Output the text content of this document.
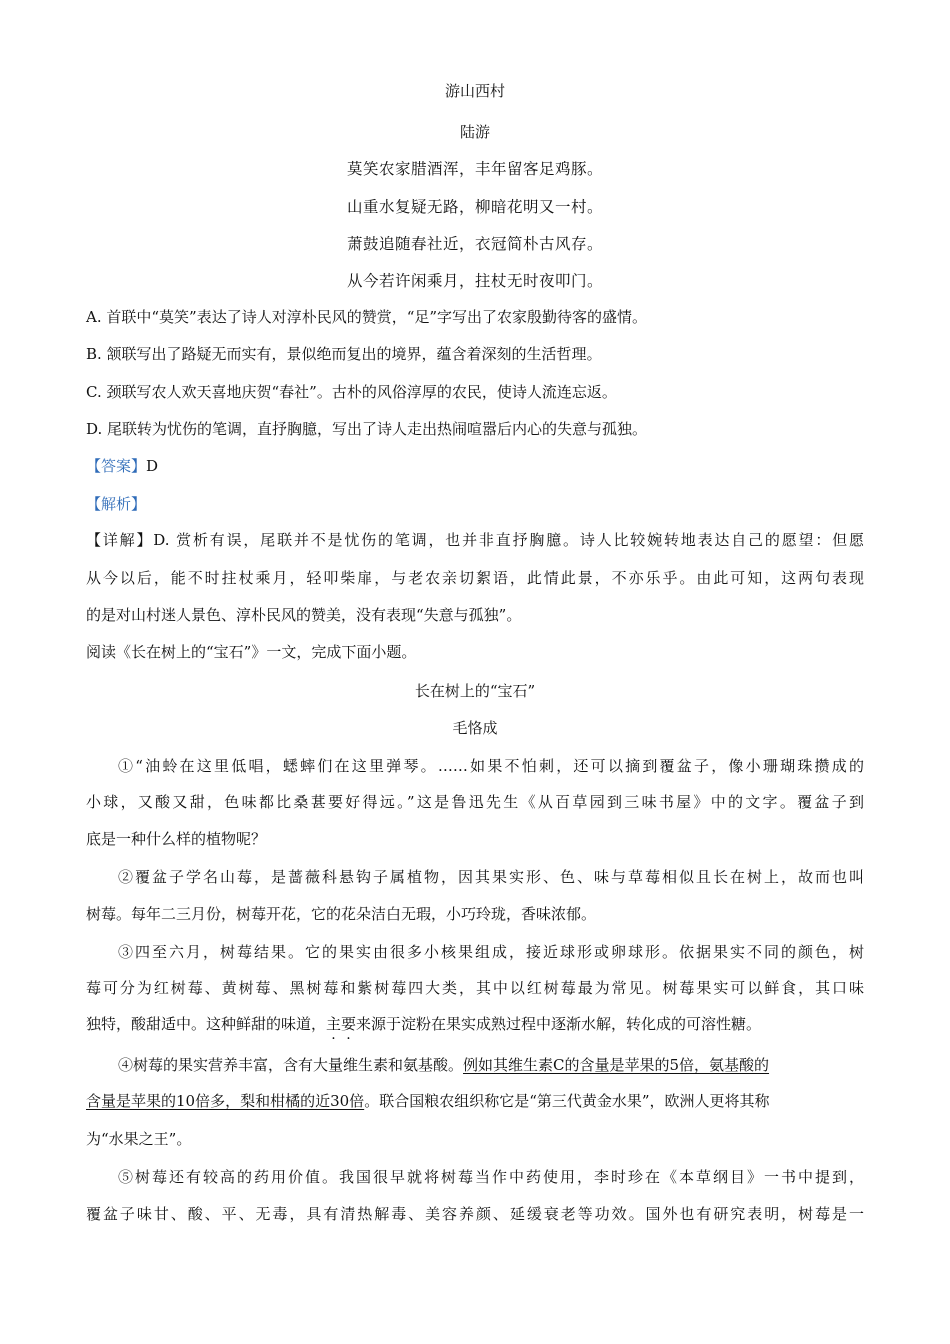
游山西村
陆游
莫笑农家腊酒浑，丰年留客足鸡豚。
山重水复疑无路，柳暗花明又一村。
萧鼓追随春社近，衣冠简朴古风存。
从今若许闲乘月，拄杖无时夜叩门。
A. 首联中“莫笑”表达了诗人对淳朴民风的赞赏，“足”字写出了农家殷勤待客的盛情。
B. 颔联写出了路疑无而实有，景似绝而复出的境界，蕴含着深刻的生活哲理。
C. 颈联写农人欢天喜地庆贺“春社”。古朴的风俗淳厚的农民，使诗人流连忘返。
D. 尾联转为忧伤的笔调，直抒胸臆，写出了诗人走出热闹喧嚣后内心的失意与孤独。
【答案】D
【解析】
【详解】D. 赏析有误，尾联并不是忧伤的笔调，也并非直抒胸臆。诗人比较婉转地表达自己的愿望：但愿
从今以后，能不时拄杖乘月，轻叩柴扉，与老农亲切絮语，此情此景，不亦乐乎。由此可知，这两句表现
的是对山村迷人景色、淳朴民风的赞美，没有表现“失意与孤独”。
阅读《长在树上的“宝石”》一文，完成下面小题。
长在树上的“宝石”
毛恪成
①“油蛉在这里低唱，蟋蟀们在这里弹琴。……如果不怕刺，还可以摘到覆盆子，像小珊瑚珠攒成的
小球，又酸又甜，色味都比桑葚要好得远。”这是鲁迅先生《从百草园到三味书屋》中的文字。覆盆子到
底是一种什么样的植物呢？
②覆盆子学名山莓，是蔷薇科悬钩子属植物，因其果实形、色、味与草莓相似且长在树上，故而也叫
树莓。每年二三月份，树莓开花，它的花朵洁白无瑕，小巧玲珑，香味浓郁。
③四至六月，树莓结果。它的果实由很多小核果组成，接近球形或卵球形。依据果实不同的颜色，树
莓可分为红树莓、黄树莓、黑树莓和紫树莓四大类，其中以红树莓最为常见。树莓果实可以鲜食，其口味
独特，酸甜适中。这种鲜甜的味道，主要来源于淀粉在果实成熟过程中逐渐水解，转化成的可溶性糖。
④树莓的果实营养丰富，含有大量维生素和氨基酸。例如其维生素C的含量是苹果的5倍，氨基酸的
含量是苹果的10倍多，梨和柑橘的近30倍。联合国粮农组织称它是“第三代黄金水果”，欧洲人更将其称
为“水果之王”。
⑤树莓还有较高的药用价值。我国很早就将树莓当作中药使用，李时珍在《本草纲目》一书中提到，
覆盆子味甘、酸、平、无毒，具有清热解毒、美容养颜、延缓衰老等功效。国外也有研究表明，树莓是一
